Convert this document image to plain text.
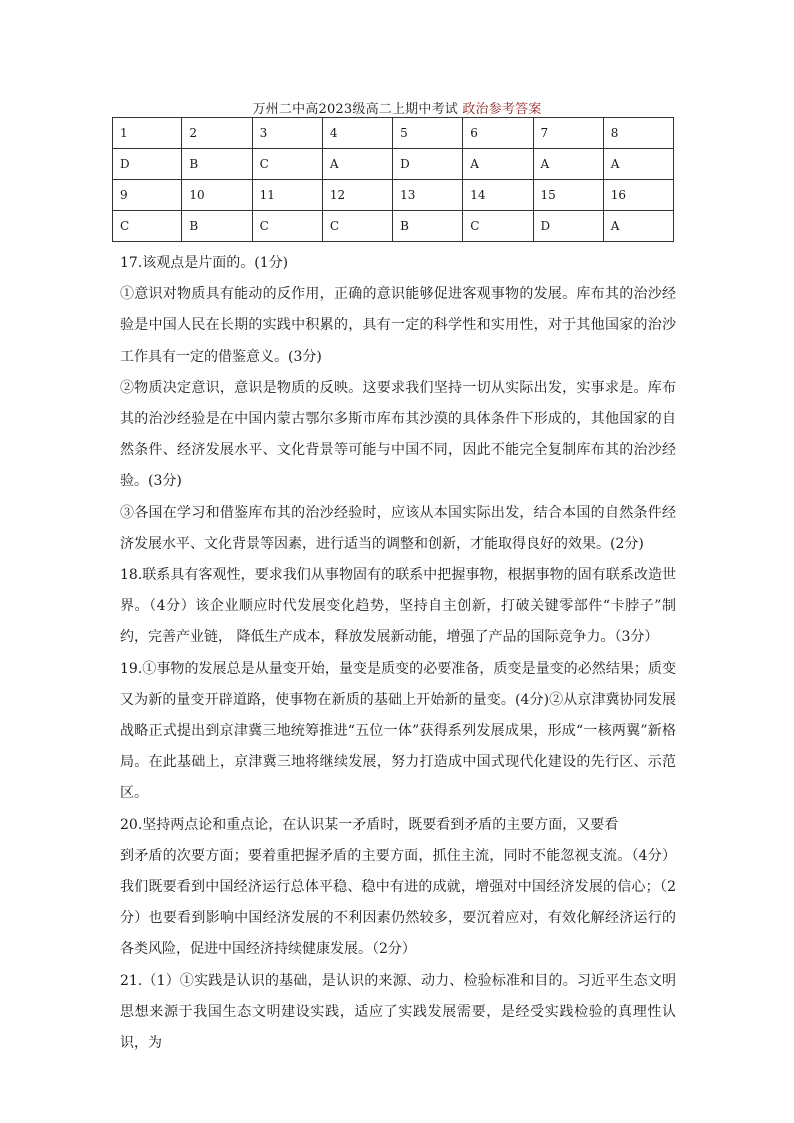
万州二中高2023级高二上期中考试 政治参考答案
1	2	3	4	5	6	7	8
D	B	C	A	D	A	A	A
9	10	11	12	13	14	15	16
C	B	C	C	B	C	D	A

17.该观点是片面的。(1分)

①意识对物质具有能动的反作用，正确的意识能够促进客观事物的发展。库布其的治沙经验是中国人民在长期的实践中积累的，具有一定的科学性和实用性，对于其他国家的治沙工作具有一定的借鉴意义。(3分)

②物质决定意识，意识是物质的反映。这要求我们坚持一切从实际出发，实事求是。库布其的治沙经验是在中国内蒙古鄂尔多斯市库布其沙漠的具体条件下形成的，其他国家的自然条件、经济发展水平、文化背景等可能与中国不同，因此不能完全复制库布其的治沙经验。(3分)

③各国在学习和借鉴库布其的治沙经验时，应该从本国实际出发，结合本国的自然条件经济发展水平、文化背景等因素，进行适当的调整和创新，才能取得良好的效果。(2分)

18.联系具有客观性，要求我们从事物固有的联系中把握事物，根据事物的固有联系改造世界。（4分）该企业顺应时代发展变化趋势，坚持自主创新，打破关键零部件“卡脖子”制约，完善产业链， 降低生产成本，释放发展新动能，增强了产品的国际竞争力。（3分）

19.①事物的发展总是从量变开始，量变是质变的必要准备，质变是量变的必然结果；质变又为新的量变开辟道路，使事物在新质的基础上开始新的量变。(4分)②从京津冀协同发展战略正式提出到京津冀三地统筹推进“五位一体”获得系列发展成果，形成“一核两翼”新格局。在此基础上，京津冀三地将继续发展，努力打造成中国式现代化建设的先行区、示范区。

20.坚持两点论和重点论，在认识某一矛盾时，既要看到矛盾的主要方面，又要看

到矛盾的次要方面；要着重把握矛盾的主要方面，抓住主流，同时不能忽视支流。（4分）我们既要看到中国经济运行总体平稳、稳中有进的成就，增强对中国经济发展的信心；（2分）也要看到影响中国经济发展的不利因素仍然较多，要沉着应对，有效化解经济运行的各类风险，促进中国经济持续健康发展。（2分）

21.（1）①实践是认识的基础，是认识的来源、动力、检验标准和目的。习近平生态文明思想来源于我国生态文明建设实践，适应了实践发展需要，是经受实践检验的真理性认识，为
